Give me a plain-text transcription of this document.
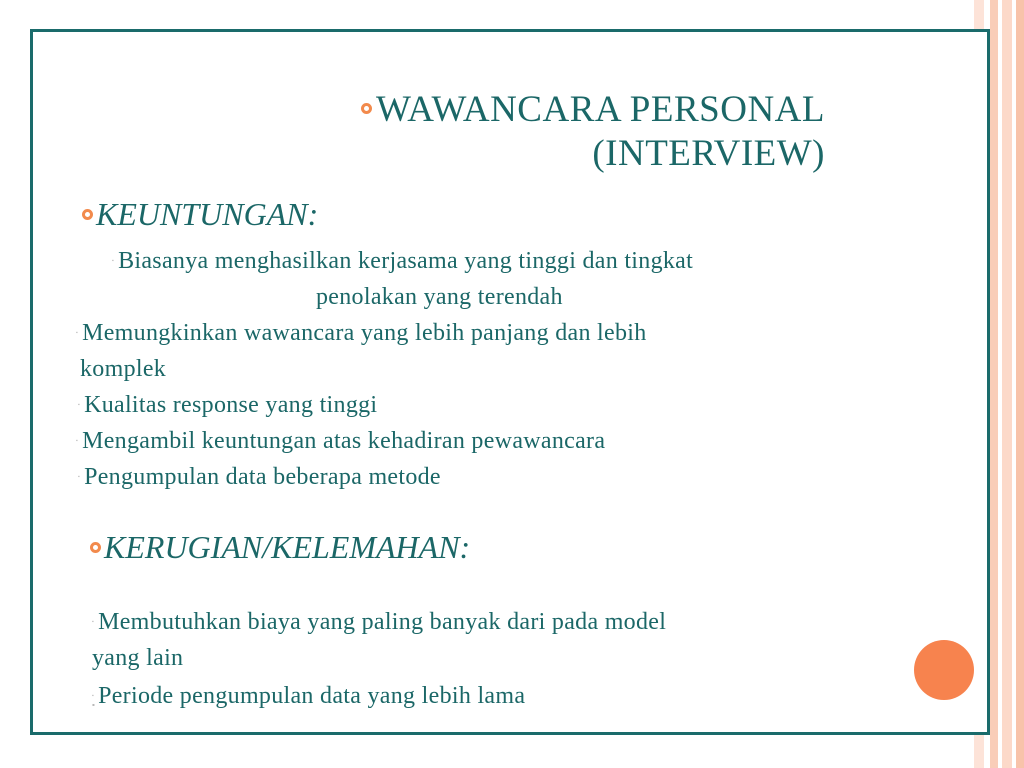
WAWANCARA PERSONAL
(INTERVIEW)
KEUNTUNGAN:
▪ Biasanya menghasilkan kerjasama yang tinggi dan tingkat
penolakan yang terendah
▪ Memungkinkan wawancara yang lebih panjang dan lebih
komplek
▪ Kualitas response yang tinggi
▪ Mengambil keuntungan atas kehadiran pewawancara
▪ Pengumpulan data beberapa metode
KERUGIAN/KELEMAHAN:
▪ Membutuhkan biaya yang paling banyak dari pada model
yang lain
▪ Periode pengumpulan data yang lebih lama
▪
